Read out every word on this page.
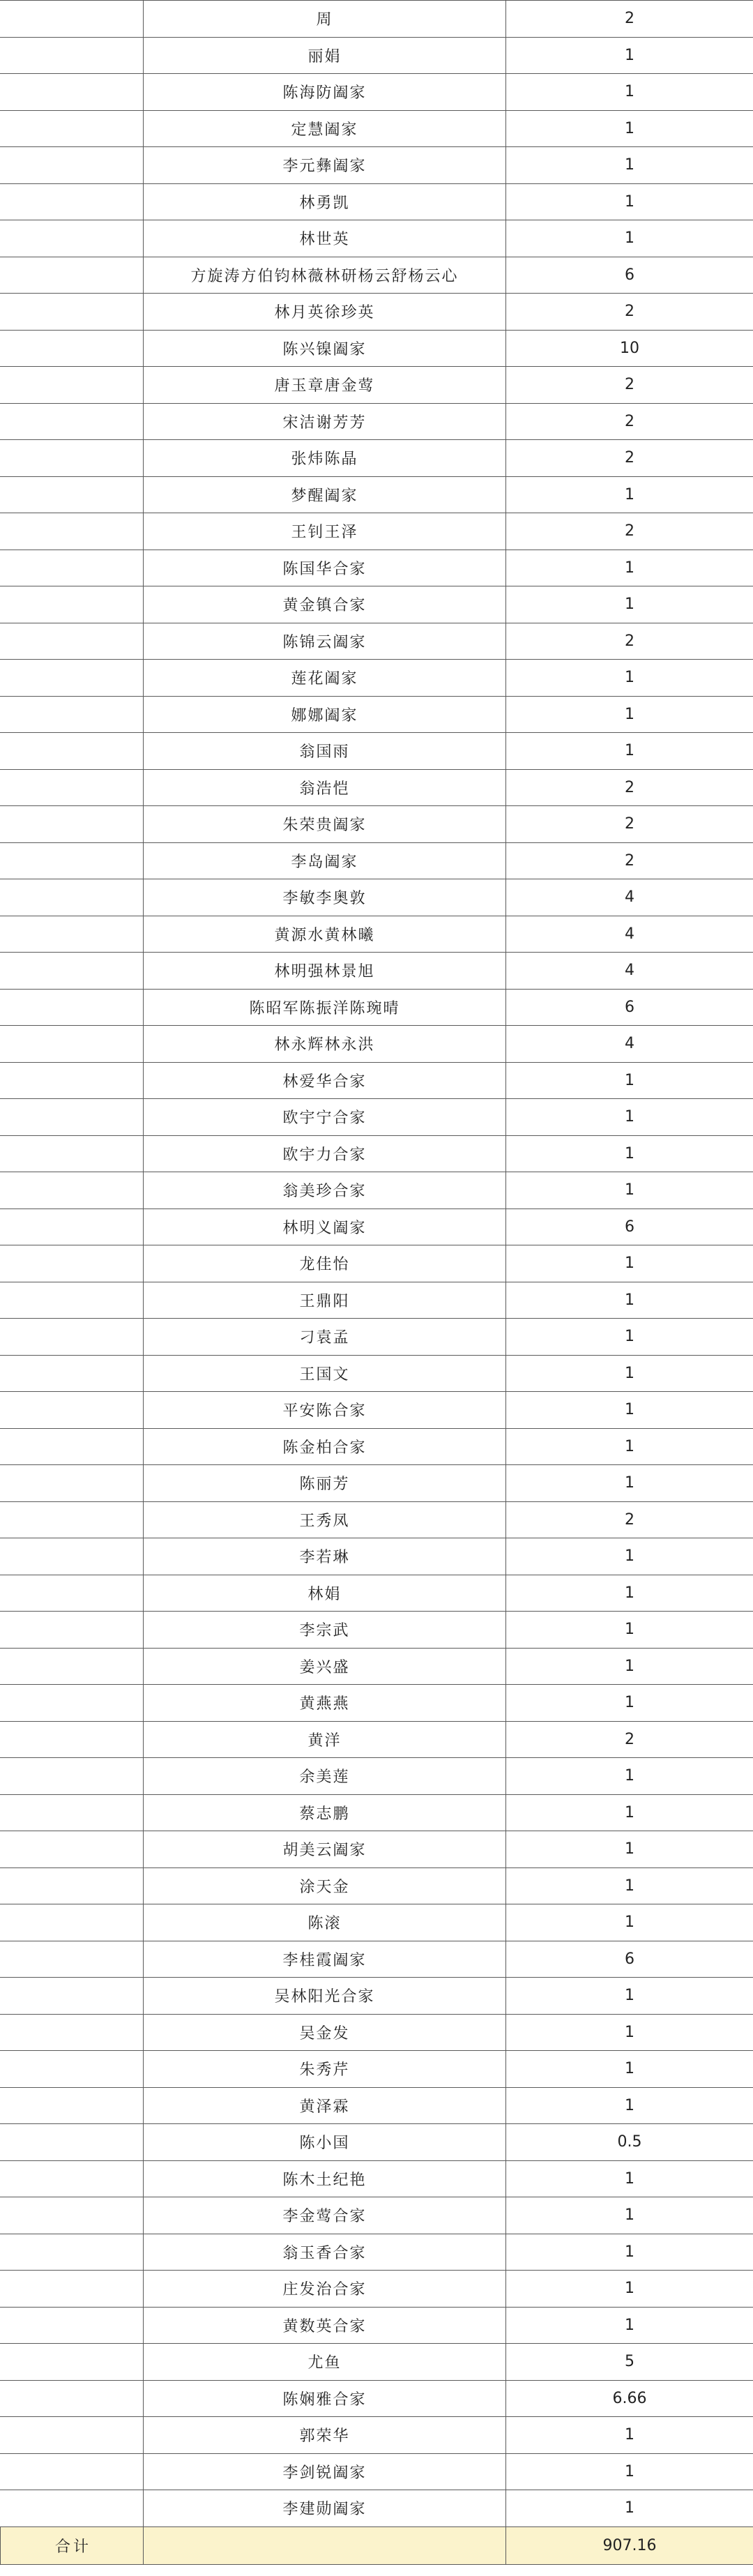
	周	2
	丽娟	1
	陈海防阖家	1
	定慧阖家	1
	李元彝阖家	1
	林勇凯	1
	林世英	1
	方旋涛方伯钧林薇林研杨云舒杨云心	6
	林月英徐珍英	2
	陈兴镍阖家	10
	唐玉章唐金莺	2
	宋洁谢芳芳	2
	张炜陈晶	2
	梦醒阖家	1
	王钊王泽	2
	陈国华合家	1
	黄金镇合家	1
	陈锦云阖家	2
	莲花阖家	1
	娜娜阖家	1
	翁国雨	1
	翁浩恺	2
	朱荣贵阖家	2
	李岛阖家	2
	李敏李奥敦	4
	黄源水黄林曦	4
	林明强林景旭	4
	陈昭军陈振洋陈琬晴	6
	林永辉林永洪	4
	林爱华合家	1
	欧宇宁合家	1
	欧宇力合家	1
	翁美珍合家	1
	林明义阖家	6
	龙佳怡	1
	王鼎阳	1
	刁袁孟	1
	王国文	1
	平安陈合家	1
	陈金柏合家	1
	陈丽芳	1
	王秀凤	2
	李若琳	1
	林娟	1
	李宗武	1
	姜兴盛	1
	黄燕燕	1
	黄洋	2
	余美莲	1
	蔡志鹏	1
	胡美云阖家	1
	涂天金	1
	陈滚	1
	李桂霞阖家	6
	吴林阳光合家	1
	吴金发	1
	朱秀芹	1
	黄泽霖	1
	陈小国	0.5
	陈木土纪艳	1
	李金莺合家	1
	翁玉香合家	1
	庄发治合家	1
	黄数英合家	1
	尤鱼	5
	陈娴雅合家	6.66
	郭荣华	1
	李剑锐阖家	1
	李建勋阖家	1
合计		907.16
